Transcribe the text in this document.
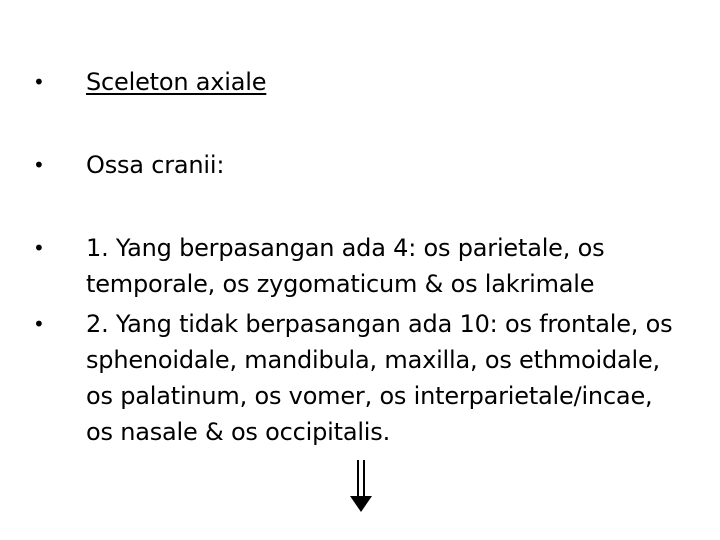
• Sceleton axiale
• Ossa cranii:
• 1. Yang berpasangan ada 4: os parietale, os temporale, os zygomaticum & os lakrimale
• 2. Yang tidak berpasangan ada 10: os frontale, os sphenoidale, mandibula, maxilla, os ethmoidale, os palatinum, os vomer, os interparietale/incae, os nasale & os occipitalis.
